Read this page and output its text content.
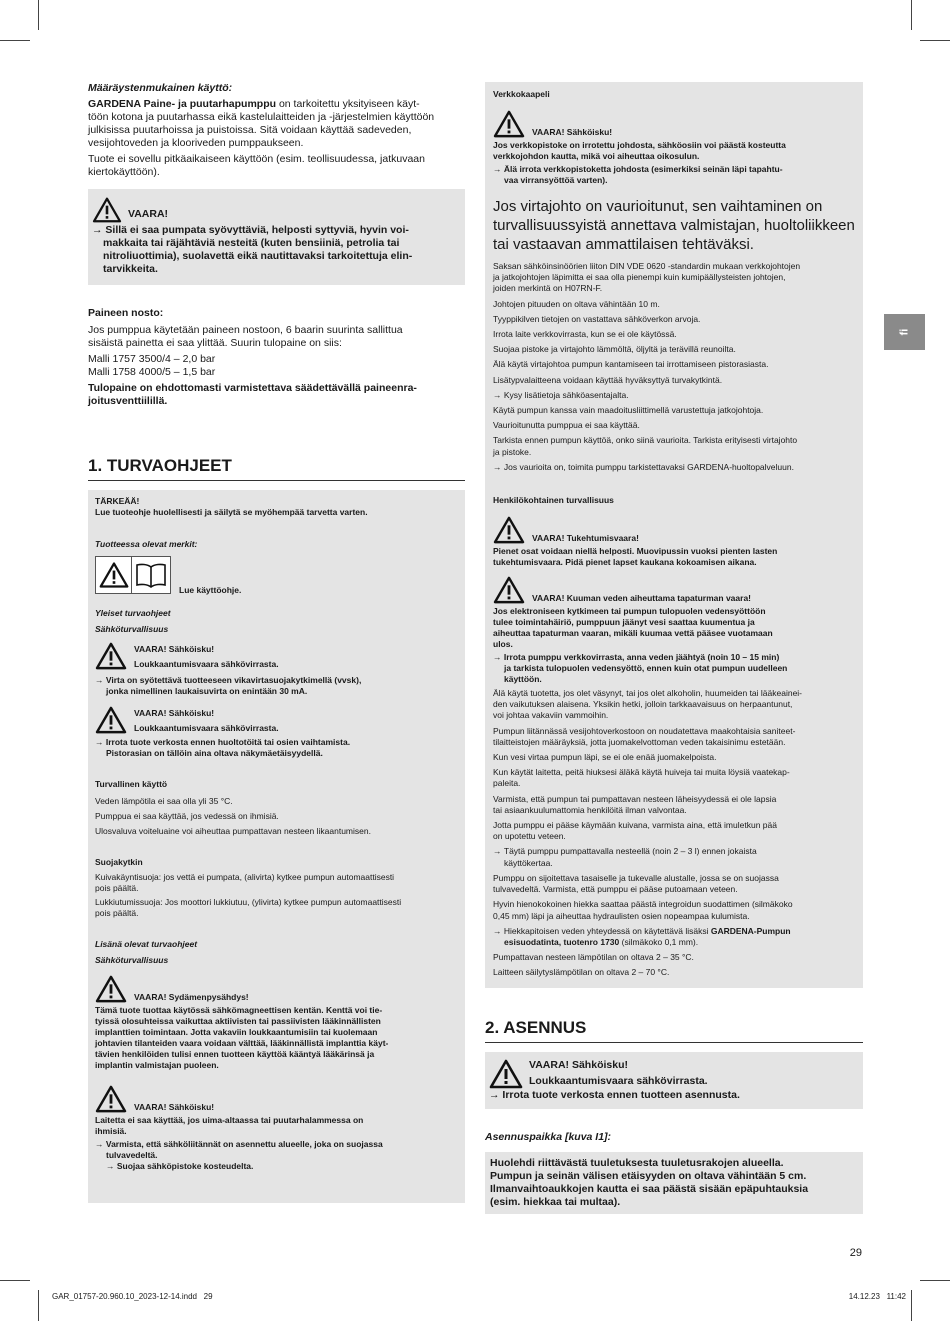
fi
Määräystenmukainen käyttö:
GARDENA Paine- ja puutarhapumppu on tarkoitettu yksityiseen käyt-
töön kotona ja puutarhassa eikä kastelulaitteiden ja -järjestelmien käyttöön
julkisissa puutarhoissa ja puistoissa. Sitä voidaan käyttää sadeveden,
vesijohtoveden ja klooriveden pumppaukseen.
Tuote ei sovellu pitkäaikaiseen käyttöön (esim. teollisuudessa, jatkuvaan
kiertokäyttöön).
VAARA!
→ Sillä ei saa pumpata syövyttäviä, helposti syttyviä, hyvin voi-
makkaita tai räjähtäviä nesteitä (kuten bensiiniä, petrolia tai
nitroliuottimia), suolavettä eikä nautittavaksi tarkoitettuja elin-
tarvikkeita.
Paineen nosto:
Jos pumppua käytetään paineen nostoon, 6 baarin suurinta sallittua
sisäistä painetta ei saa ylittää. Suurin tulopaine on siis:
Malli 1757 3500/4 – 2,0 bar
Malli 1758 4000/5 – 1,5 bar
Tulopaine on ehdottomasti varmistettava säädettävällä paineenra-
joitusventtiilillä.
1. TURVAOHJEET
TÄRKEÄÄ!
Lue tuoteohje huolellisesti ja säilytä se myöhempää tarvetta varten.
Tuotteessa olevat merkit:
Lue käyttöohje.
Yleiset turvaohjeet
Sähköturvallisuus
VAARA! Sähköisku!
Loukkaantumisvaara sähkövirrasta.
→ Virta on syötettävä tuotteeseen vikavirtasuojakytkimellä (vvsk),
jonka nimellinen laukaisuvirta on enintään 30 mA.
VAARA! Sähköisku!
Loukkaantumisvaara sähkövirrasta.
→ Irrota tuote verkosta ennen huoltotöitä tai osien vaihtamista.
Pistorasian on tällöin aina oltava näkymäetäisyydellä.
Turvallinen käyttö
Veden lämpötila ei saa olla yli 35 °C.
Pumppua ei saa käyttää, jos vedessä on ihmisiä.
Ulosvaluva voiteluaine voi aiheuttaa pumpattavan nesteen likaantumisen.
Suojakytkin
Kuivakäyntisuoja: jos vettä ei pumpata, (alivirta) kytkee pumpun automaattisesti
pois päältä.
Lukkiutumissuoja: Jos moottori lukkiutuu, (ylivirta) kytkee pumpun automaattisesti
pois päältä.
Lisänä olevat turvaohjeet
Sähköturvallisuus
VAARA! Sydämenpysähdys!
Tämä tuote tuottaa käytössä sähkömagneettisen kentän. Kenttä voi tie-
tyissä olosuhteissa vaikuttaa aktiivisten tai passiivisten lääkinnällisten
implanttien toimintaan. Jotta vakaviin loukkaantumisiin tai kuolemaan
johtavien tilanteiden vaara voidaan välttää, lääkinnällistä implanttia käyt-
tävien henkilöiden tulisi ennen tuotteen käyttöä kääntyä lääkärinsä ja
implantin valmistajan puoleen.
VAARA! Sähköisku!
Laitetta ei saa käyttää, jos uima-altaassa tai puutarhalammessa on
ihmisiä.
→ Varmista, että sähköliitännät on asennettu alueelle, joka on suojassa
tulvavedeltä.
→ Suojaa sähköpistoke kosteudelta.
Verkkokaapeli
VAARA! Sähköisku!
Jos verkkopistoke on irrotettu johdosta, sähköosiin voi päästä kosteutta
verkkojohdon kautta, mikä voi aiheuttaa oikosulun.
→ Älä irrota verkkopistoketta johdosta (esimerkiksi seinän läpi tapahtu-
vaa virransyöttöä varten).
Jos virtajohto on vaurioitunut, sen vaihtaminen on
turvallisuussyistä annettava valmistajan, huoltoliikkeen
tai vastaavan ammattilaisen tehtäväksi.
Saksan sähköinsinöörien liiton DIN VDE 0620 -standardin mukaan verkkojohtojen
ja jatkojohtojen läpimitta ei saa olla pienempi kuin kumipäällysteisten johtojen,
joiden merkintä on H07RN-F.
Johtojen pituuden on oltava vähintään 10 m.
Tyyppikilven tietojen on vastattava sähköverkon arvoja.
Irrota laite verkkovirrasta, kun se ei ole käytössä.
Suojaa pistoke ja virtajohto lämmöltä, öljyltä ja terävillä reunoilta.
Älä käytä virtajohtoa pumpun kantamiseen tai irrottamiseen pistorasiasta.
Lisätурvalaitteena voidaan käyttää hyväksyttyä turvakytkintä.
→ Kysy lisätietoja sähköasentajalta.
Käytä pumpun kanssa vain maadoitusliittimellä varustettuja jatkojohtoja.
Vaurioitunutta pumppua ei saa käyttää.
Tarkista ennen pumpun käyttöä, onko siinä vaurioita. Tarkista erityisesti virtajohto
ja pistoke.
→ Jos vaurioita on, toimita pumppu tarkistettavaksi GARDENA-huoltopalveluun.
Henkilökohtainen turvallisuus
VAARA! Tukehtumisvaara!
Pienet osat voidaan niellä helposti. Muovipussin vuoksi pienten lasten
tukehtumisvaara. Pidä pienet lapset kaukana kokoamisen aikana.
VAARA! Kuuman veden aiheuttama tapaturman vaara!
Jos elektroniseen kytkimeen tai pumpun tulopuolen vedensyöttöön
tulee toimintahäiriö, pumppuun jäänyt vesi saattaa kuumentua ja
aiheuttaa tapaturman vaaran, mikäli kuumaa vettä pääsee vuotamaan
ulos.
→ Irrota pumppu verkkovirrasta, anna veden jäähtyä (noin 10 – 15 min)
ja tarkista tulopuolen vedensyöttö, ennen kuin otat pumpun uudelleen
käyttöön.
Älä käytä tuotetta, jos olet väsynyt, tai jos olet alkoholin, huumeiden tai lääkeainei-
den vaikutuksen alaisena. Yksikin hetki, jolloin tarkkaavaisuus on herpaantunut,
voi johtaa vakaviin vammoihin.
Pumpun liitännässä vesijohtoverkostoon on noudatettava maakohtaisia saniteet-
tilaitteistojen määräyksiä, jotta juomakelvottoman veden takaisinimu estetään.
Kun vesi virtaa pumpun läpi, se ei ole enää juomakelpoista.
Kun käytät laitetta, peitä hiuksesi äläkä käytä huiveja tai muita löysiä vaatekap-
paleita.
Varmista, että pumpun tai pumpattavan nesteen läheisyydessä ei ole lapsia
tai asiaankuulumattomia henkilöitä ilman valvontaa.
Jotta pumppu ei pääse käymään kuivana, varmista aina, että imuletkun pää
on upotettu veteen.
→ Täytä pumppu pumpattavalla nesteellä (noin 2 – 3 l) ennen jokaista
käyttökertaa.
Pumppu on sijoitettava tasaiselle ja tukevalle alustalle, jossa se on suojassa
tulvavedeltä. Varmista, että pumppu ei pääse putoamaan veteen.
Hyvin hienokokoinen hiekka saattaa päästä integroidun suodattimen (silmäkoko
0,45 mm) läpi ja aiheuttaa hydraulisten osien nopeampaa kulumista.
→ Hiekkapitoisen veden yhteydessä on käytettävä lisäksi GARDENA-Pumpun
esisuodatinta, tuotenro 1730 (silmäkoko 0,1 mm).
Pumpattavan nesteen lämpötilan on oltava 2 – 35 °C.
Laitteen säilytyslämpötilan on oltava 2 – 70 °C.
2. ASENNUS
VAARA! Sähköisku!
Loukkaantumisvaara sähkövirrasta.
→ Irrota tuote verkosta ennen tuotteen asennusta.
Asennuspaikka [kuva I1]:
Huolehdi riittävästä tuuletuksesta tuuletusrakojen alueella.
Pumpun ja seinän välisen etäisyyden on oltava vähintään 5 cm.
Ilmanvaihtoaukkojen kautta ei saa päästä sisään epäpuhtauksia
(esim. hiekkaa tai multaa).
29
GAR_01757-20.960.10_2023-12-14.indd   29	14.12.23   11:42
